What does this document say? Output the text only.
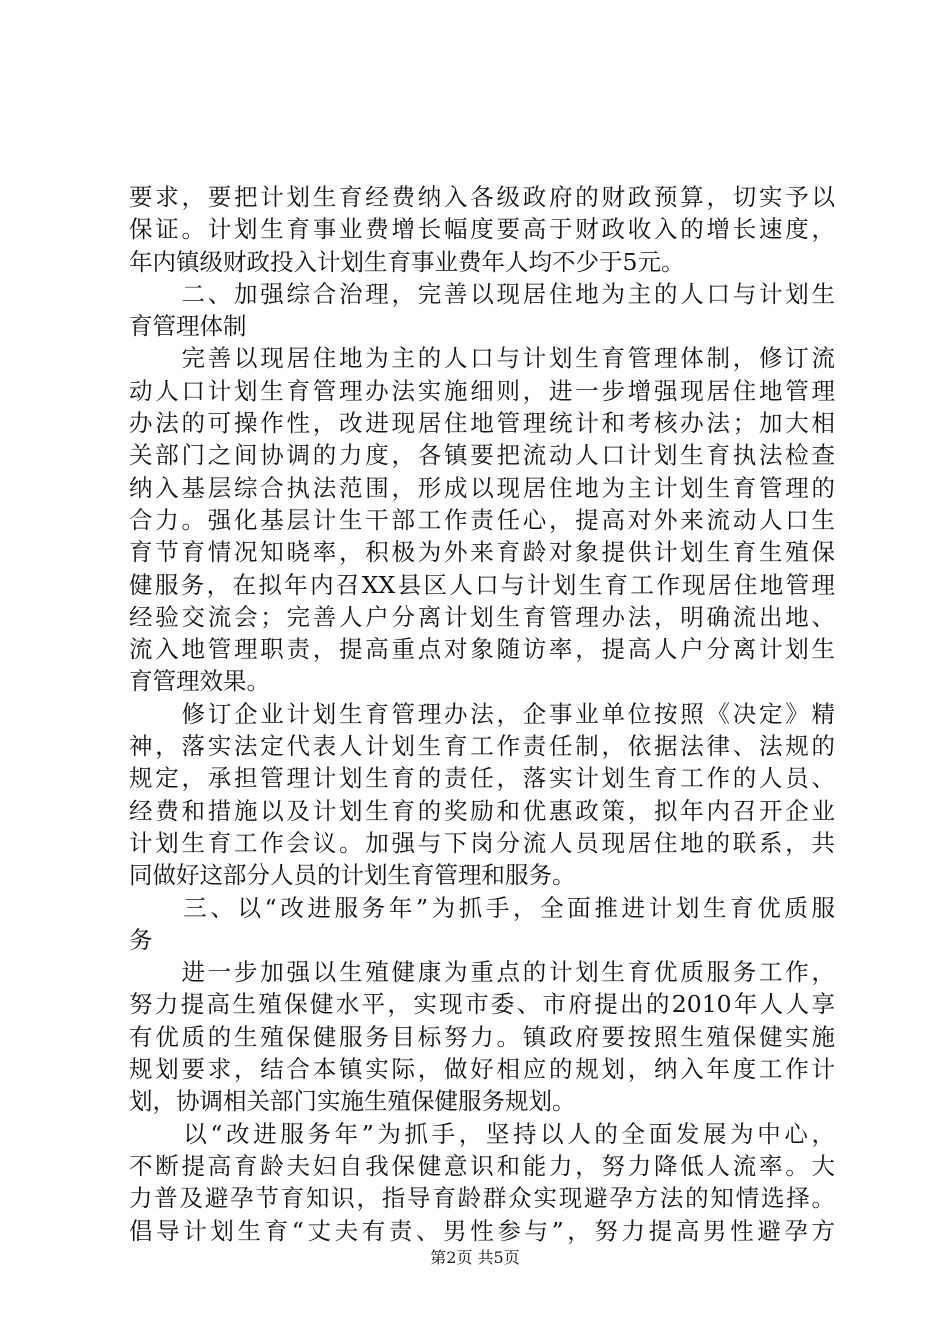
要求，要把计划生育经费纳入各级政府的财政预算，切实予以
保证。计划生育事业费增长幅度要高于财政收入的增长速度，
年内镇级财政投入计划生育事业费年人均不少于5元。
　　二、加强综合治理，完善以现居住地为主的人口与计划生
育管理体制
　　完善以现居住地为主的人口与计划生育管理体制，修订流
动人口计划生育管理办法实施细则，进一步增强现居住地管理
办法的可操作性，改进现居住地管理统计和考核办法；加大相
关部门之间协调的力度，各镇要把流动人口计划生育执法检查
纳入基层综合执法范围，形成以现居住地为主计划生育管理的
合力。强化基层计生干部工作责任心，提高对外来流动人口生
育节育情况知晓率，积极为外来育龄对象提供计划生育生殖保
健服务，在拟年内召XX县区人口与计划生育工作现居住地管理
经验交流会；完善人户分离计划生育管理办法，明确流出地、
流入地管理职责，提高重点对象随访率，提高人户分离计划生
育管理效果。
　　修订企业计划生育管理办法，企事业单位按照《决定》精
神，落实法定代表人计划生育工作责任制，依据法律、法规的
规定，承担管理计划生育的责任，落实计划生育工作的人员、
经费和措施以及计划生育的奖励和优惠政策，拟年内召开企业
计划生育工作会议。加强与下岗分流人员现居住地的联系，共
同做好这部分人员的计划生育管理和服务。
　　三、以“改进服务年”为抓手，全面推进计划生育优质服
务
　　进一步加强以生殖健康为重点的计划生育优质服务工作，
努力提高生殖保健水平，实现市委、市府提出的2010年人人享
有优质的生殖保健服务目标努力。镇政府要按照生殖保健实施
规划要求，结合本镇实际，做好相应的规划，纳入年度工作计
划，协调相关部门实施生殖保健服务规划。
　　以“改进服务年”为抓手，坚持以人的全面发展为中心，
不断提高育龄夫妇自我保健意识和能力，努力降低人流率。大
力普及避孕节育知识，指导育龄群众实现避孕方法的知情选择。
倡导计划生育“丈夫有责、男性参与”，努力提高男性避孕方
第2页 共5页
